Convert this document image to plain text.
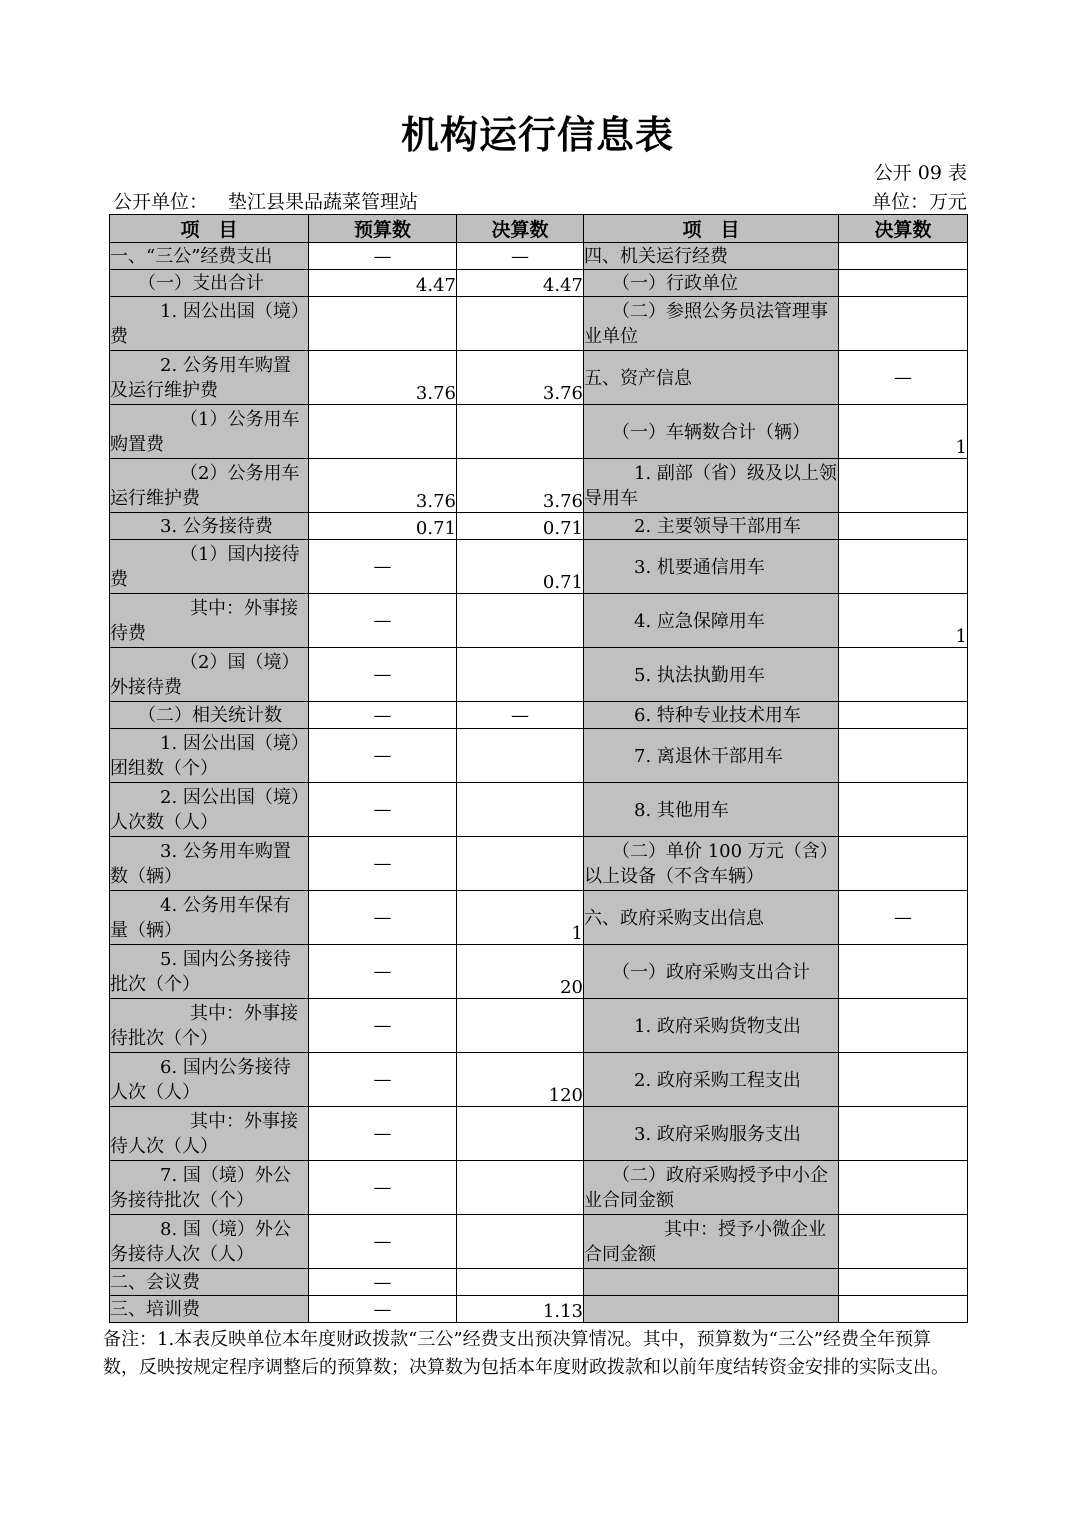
机构运行信息表
公开 09 表
公开单位： 垫江县果品蔬菜管理站	单位：万元
项　目	预算数	决算数	项　目	决算数
一、“三公”经费支出	—	—	四、机关运行经费	
（一）支出合计	4.47	4.47	（一）行政单位	
1. 因公出国（境）费			（二）参照公务员法管理事业单位	
2. 公务用车购置及运行维护费	3.76	3.76	五、资产信息	—
（1）公务用车购置费			（一）车辆数合计（辆）	1
（2）公务用车运行维护费	3.76	3.76	1. 副部（省）级及以上领导用车	
3. 公务接待费	0.71	0.71	2. 主要领导干部用车	
（1）国内接待费	—	0.71	3. 机要通信用车	
其中：外事接待费	—		4. 应急保障用车	1
（2）国（境）外接待费	—		5. 执法执勤用车	
（二）相关统计数	—	—	6. 特种专业技术用车	
1. 因公出国（境）团组数（个）	—		7. 离退休干部用车	
2. 因公出国（境）人次数（人）	—		8. 其他用车	
3. 公务用车购置数（辆）	—		（二）单价 100 万元（含）以上设备（不含车辆）	
4. 公务用车保有量（辆）	—	1	六、政府采购支出信息	—
5. 国内公务接待批次（个）	—	20	（一）政府采购支出合计	
其中：外事接待批次（个）	—		1. 政府采购货物支出	
6. 国内公务接待人次（人）	—	120	2. 政府采购工程支出	
其中：外事接待人次（人）	—		3. 政府采购服务支出	
7. 国（境）外公务接待批次（个）	—		（二）政府采购授予中小企业合同金额	
8. 国（境）外公务接待人次（人）	—		其中：授予小微企业合同金额	
二、会议费	—			
三、培训费	—	1.13		

备注：1.本表反映单位本年度财政拨款“三公”经费支出预决算情况。其中，预算数为“三公”经费全年预算

数，反映按规定程序调整后的预算数；决算数为包括本年度财政拨款和以前年度结转资金安排的实际支出。
